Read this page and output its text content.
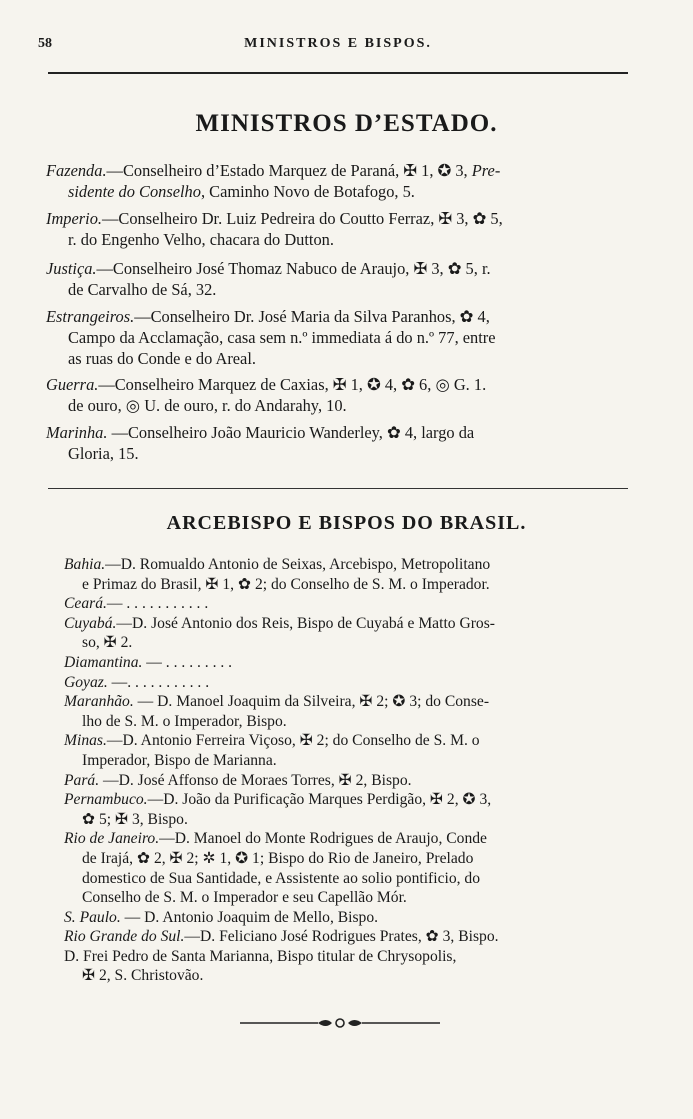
58	MINISTROS E BISPOS.
MINISTROS D’ESTADO.
Fazenda.—Conselheiro d’Estado Marquez de Paraná, ✠ 1, ✪ 3, Pre-
sidente do Conselho, Caminho Novo de Botafogo, 5.
Imperio.—Conselheiro Dr. Luiz Pedreira do Coutto Ferraz, ✠ 3, ✿ 5,
r. do Engenho Velho, chacara do Dutton.
Justiça.—Conselheiro José Thomaz Nabuco de Araujo, ✠ 3, ✿ 5, r.
de Carvalho de Sá, 32.
Estrangeiros.—Conselheiro Dr. José Maria da Silva Paranhos, ✿ 4,
Campo da Acclamação, casa sem n.º immediata á do n.º 77, entre
as ruas do Conde e do Areal.
Guerra.—Conselheiro Marquez de Caxias, ✠ 1, ✪ 4, ✿ 6, ◎ G. 1.
de ouro, ◎ U. de ouro, r. do Andarahy, 10.
Marinha. —Conselheiro João Mauricio Wanderley, ✿ 4, largo da
Gloria, 15.
ARCEBISPO E BISPOS DO BRASIL.
Bahia.—D. Romualdo Antonio de Seixas, Arcebispo, Metropolitano
e Primaz do Brasil, ✠ 1, ✿ 2; do Conselho de S. M. o Imperador.
Ceará.— . . . . . . . . . . .
Cuyabá.—D. José Antonio dos Reis, Bispo de Cuyabá e Matto Gros-
so, ✠ 2.
Diamantina. — . . . . . . . . .
Goyaz. —. . . . . . . . . . .
Maranhão. — D. Manoel Joaquim da Silveira, ✠ 2; ✪ 3; do Conse-
lho de S. M. o Imperador, Bispo.
Minas.—D. Antonio Ferreira Viçoso, ✠ 2; do Conselho de S. M. o
Imperador, Bispo de Marianna.
Pará. —D. José Affonso de Moraes Torres, ✠ 2, Bispo.
Pernambuco.—D. João da Purificação Marques Perdigão, ✠ 2, ✪ 3,
✿ 5; ✠ 3, Bispo.
Rio de Janeiro.—D. Manoel do Monte Rodrigues de Araujo, Conde
de Irajá, ✿ 2, ✠ 2; ✲ 1, ✪ 1; Bispo do Rio de Janeiro, Prelado
domestico de Sua Santidade, e Assistente ao solio pontificio, do
Conselho de S. M. o Imperador e seu Capellão Mór.
S. Paulo. — D. Antonio Joaquim de Mello, Bispo.
Rio Grande do Sul.—D. Feliciano José Rodrigues Prates, ✿ 3, Bispo.
D. Frei Pedro de Santa Marianna, Bispo titular de Chrysopolis,
✠ 2, S. Christovão.
